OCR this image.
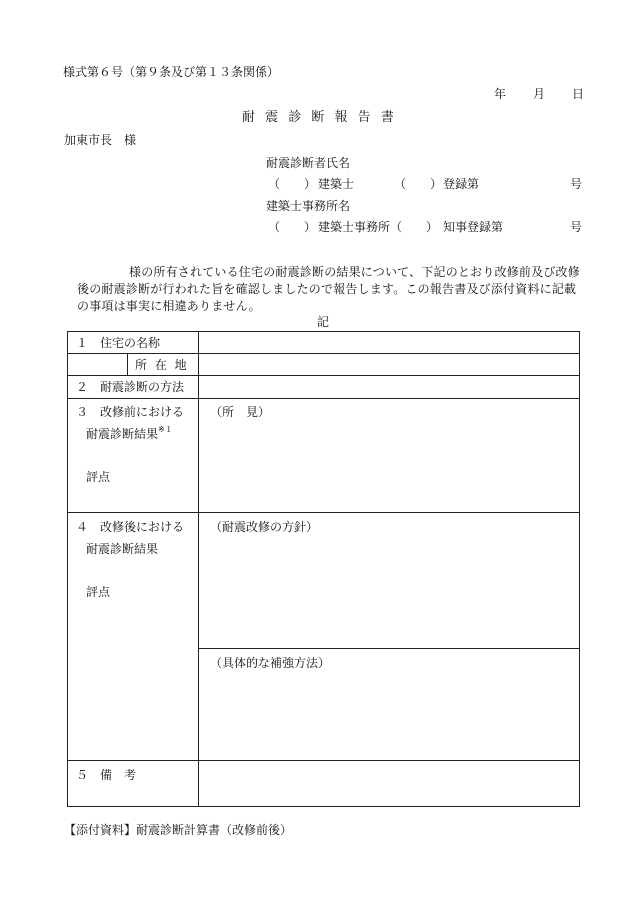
様式第６号（第９条及び第１３条関係）
年 月 日
耐 震 診 断 報 告 書
加東市長　様
耐震診断者氏名
（　　） 建築士	（　　） 登録第	号
建築士事務所名
（　　） 建築士事務所（　　） 知事登録第	号
様の所有されている住宅の耐震診断の結果について、下記のとおり改修前及び改修後の耐震診断が行われた旨を確認しましたので報告します。この報告書及び添付資料に記載の事項は事実に相違ありません。
記
１　住宅の名称		

	所 在 地	

２　耐震診断の方法		

３　改修前における
耐震診断結果$^{※1}$
評点		（所　見）

４　改修後における
耐震診断結果
評点		（耐震改修の方針）

		（具体的な補強方法）

５　備　考		

【添付資料】耐震診断計算書（改修前後）
